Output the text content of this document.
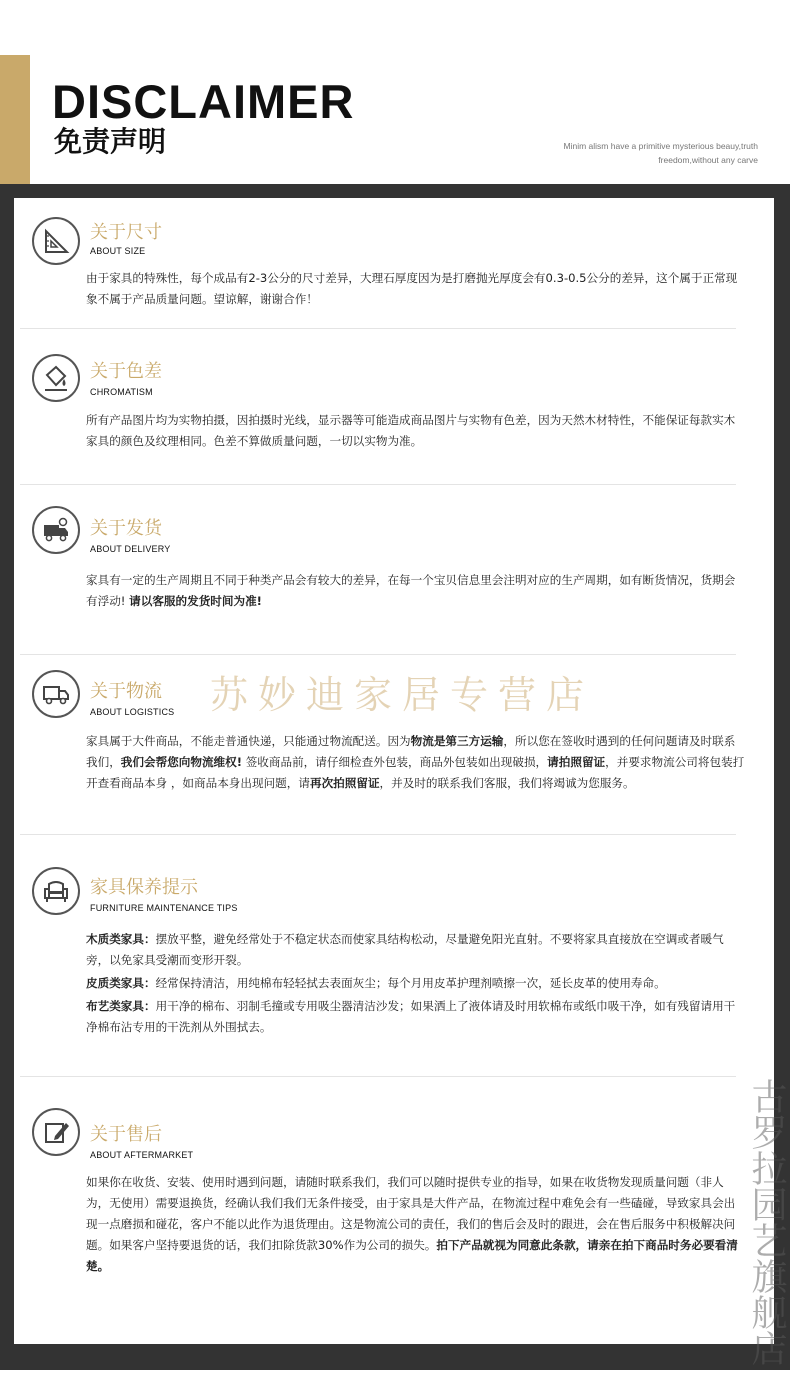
DISCLAIMER
免责声明	Minim alism have a primitive mysterious beauy,truth
freedom,without any carve
关于尺寸
ABOUT SIZE
由于家具的特殊性，每个成品有2-3公分的尺寸差异，大理石厚度因为是打磨抛光厚度会有0.3-0.5公分的差异，这个属于正常现象不属于产品质量问题。望谅解，谢谢合作！
关于色差
CHROMATISM
所有产品图片均为实物拍摄，因拍摄时光线，显示器等可能造成商品图片与实物有色差，因为天然木材特性，不能保证每款实木家具的颜色及纹理相同。色差不算做质量问题，一切以实物为准。
关于发货
ABOUT DELIVERY
家具有一定的生产周期且不同于种类产品会有较大的差异，在每一个宝贝信息里会注明对应的生产周期，如有断货情况，货期会有浮动! 请以客服的发货时间为准!
关于物流
ABOUT LOGISTICS
家具属于大件商品，不能走普通快递，只能通过物流配送。因为物流是第三方运输，所以您在签收时遇到的任何问题请及时联系我们，我们会帮您向物流维权! 签收商品前，请仔细检查外包装，商品外包装如出现破损，请拍照留证，并要求物流公司将包装打开查看商品本身 ，如商品本身出现问题，请再次拍照留证，并及时的联系我们客服，我们将竭诚为您服务。
家具保养提示
FURNITURE MAINTENANCE TIPS
木质类家具：摆放平整，避免经常处于不稳定状态而使家具结构松动，尽量避免阳光直射。不要将家具直接放在空调或者暖气旁，以免家具受潮而变形开裂。
皮质类家具：经常保持清洁，用纯棉布轻轻拭去表面灰尘；每个月用皮革护理剂喷擦一次，延长皮革的使用寿命。
布艺类家具：用干净的棉布、羽制毛撞或专用吸尘器清洁沙发；如果洒上了液体请及时用软棉布或纸巾吸干净，如有残留请用干净棉布沾专用的干洗剂从外围拭去。
关于售后
ABOUT AFTERMARKET
如果你在收货、安装、使用时遇到问题，请随时联系我们，我们可以随时提供专业的指导，如果在收货物发现质量问题（非人为，无使用）需要退换货，经确认我们我们无条件接受，由于家具是大件产品，在物流过程中难免会有一些磕碰，导致家具会出现一点磨损和碰花，客户不能以此作为退货理由。这是物流公司的责任，我们的售后会及时的跟进，会在售后服务中积极解决问题。如果客户坚持要退货的话，我们扣除货款30%作为公司的损失。拍下产品就视为同意此条款，请亲在拍下商品时务必要看清楚。
苏妙迪家居专营店
古罗拉园艺旗舰店
